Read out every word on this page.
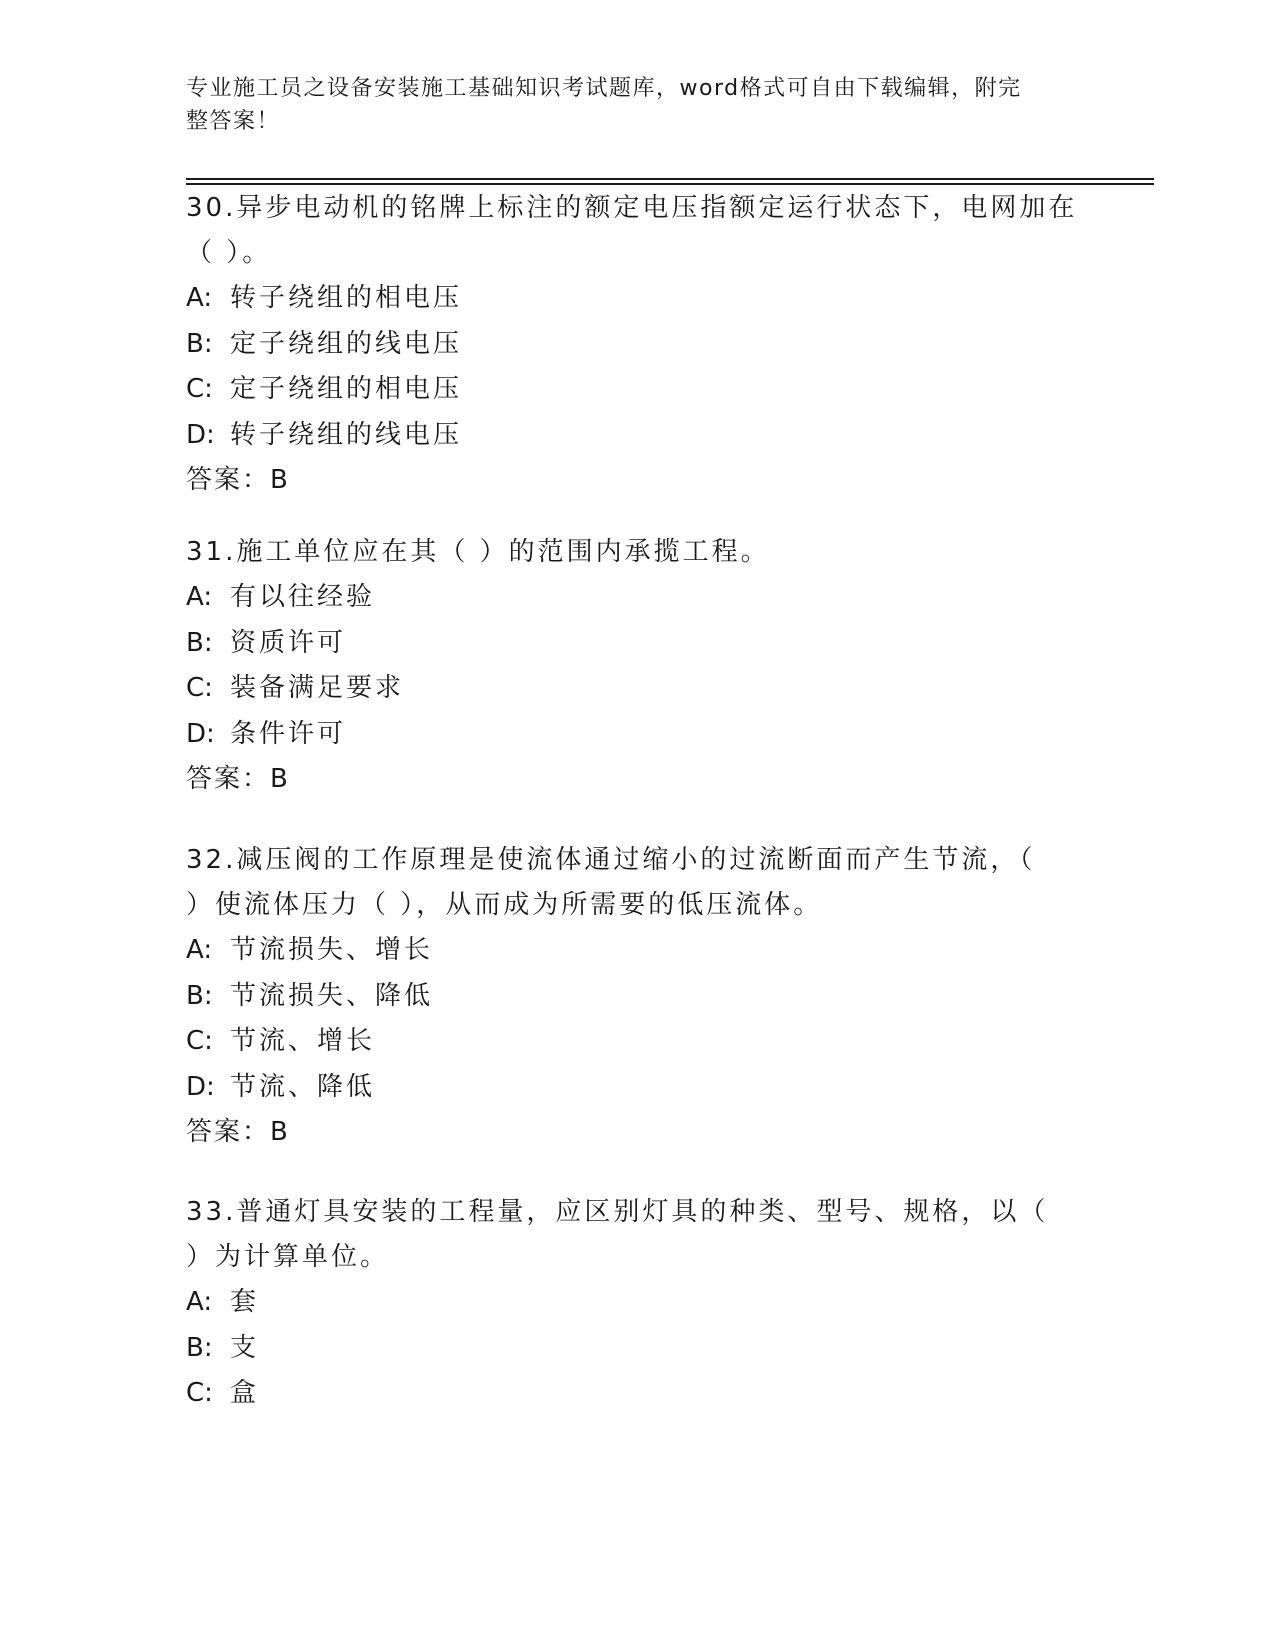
专业施工员之设备安装施工基础知识考试题库，word格式可自由下载编辑，附完
整答案！
30.异步电动机的铭牌上标注的额定电压指额定运行状态下，电网加在
（ ）。
A: 转子绕组的相电压
B: 定子绕组的线电压
C: 定子绕组的相电压
D: 转子绕组的线电压
答案：B
31.施工单位应在其（ ）的范围内承揽工程。
A: 有以往经验
B: 资质许可
C: 装备满足要求
D: 条件许可
答案：B
32.减压阀的工作原理是使流体通过缩小的过流断面而产生节流，（
）使流体压力（ ），从而成为所需要的低压流体。
A: 节流损失、增长
B: 节流损失、降低
C: 节流、增长
D: 节流、降低
答案：B
33.普通灯具安装的工程量，应区别灯具的种类、型号、规格，以（
）为计算单位。
A: 套
B: 支
C: 盒
